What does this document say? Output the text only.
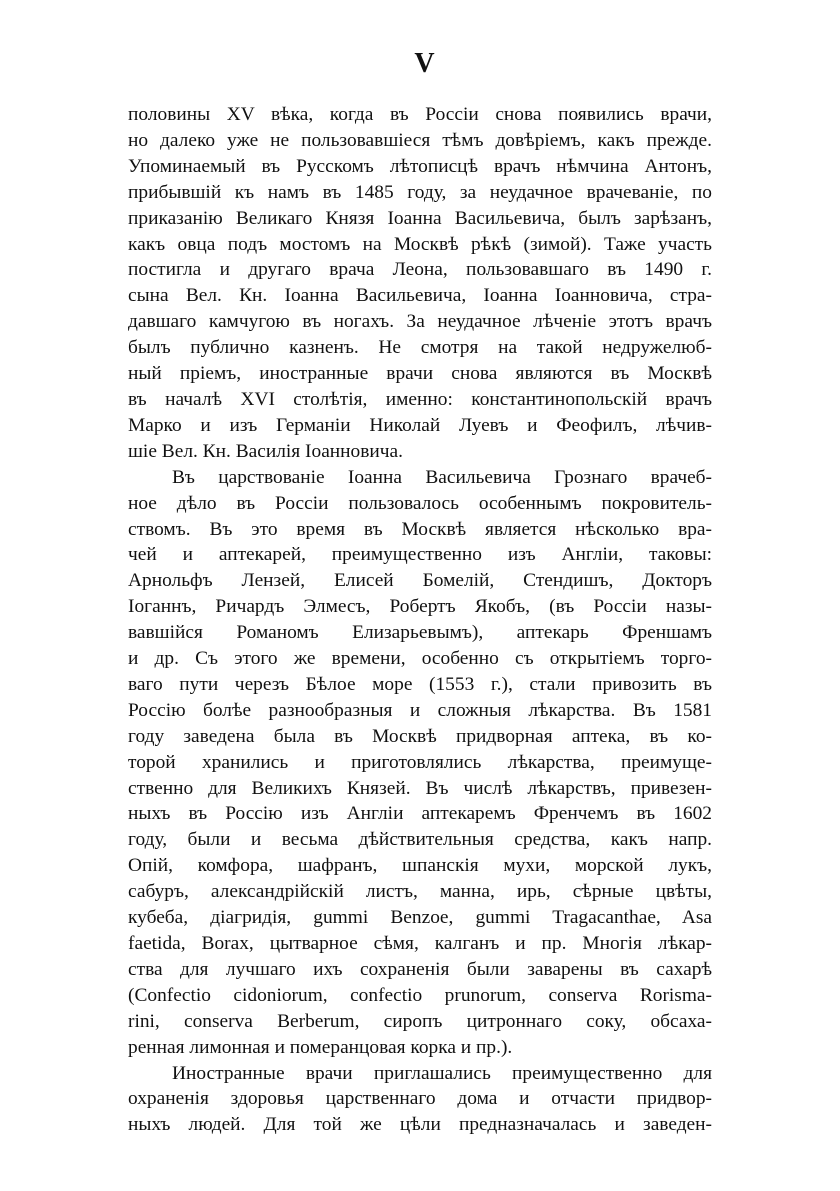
V
половины XV вѣка, когда въ Россіи снова появились врачи,
но далеко уже не пользовавшіеся тѣмъ довѣріемъ, какъ прежде.
Упоминаемый въ Русскомъ лѣтописцѣ врачъ нѣмчина Антонъ,
прибывшій къ намъ въ 1485 году, за неудачное врачеваніе, по
приказанію Великаго Князя Іоанна Васильевича, былъ зарѣзанъ,
какъ овца подъ мостомъ на Москвѣ рѣкѣ (зимой). Таже участь
постигла и другаго врача Леона, пользовавшаго въ 1490 г.
сына Вел. Кн. Іоанна Васильевича, Іоанна Іоанновича, стра-
давшаго камчугою въ ногахъ. За неудачное лѣченіе этотъ врачъ
былъ публично казненъ. Не смотря на такой недружелюб-
ный пріемъ, иностранные врачи снова являются въ Москвѣ
въ началѣ XVI столѣтія, именно: константинопольскій врачъ
Марко и изъ Германіи Николай Луевъ и Феофилъ, лѣчив-
шіе Вел. Кн. Василія Іоанновича.
Въ царствованіе Іоанна Васильевича Грознаго врачеб-
ное дѣло въ Россіи пользовалось особеннымъ покровитель-
ствомъ. Въ это время въ Москвѣ является нѣсколько вра-
чей и аптекарей, преимущественно изъ Англіи, таковы:
Арнольфъ Лензей, Елисей Бомелій, Стендишъ, Докторъ
Іоганнъ, Ричардъ Элмесъ, Робертъ Якобъ, (въ Россіи назы-
вавшійся Романомъ Елизарьевымъ), аптекарь Френшамъ
и др. Съ этого же времени, особенно съ открытіемъ торго-
ваго пути черезъ Бѣлое море (1553 г.), стали привозить въ
Россію болѣе разнообразныя и сложныя лѣкарства. Въ 1581
году заведена была въ Москвѣ придворная аптека, въ ко-
торой хранились и приготовлялись лѣкарства, преимуще-
ственно для Великихъ Князей. Въ числѣ лѣкарствъ, привезен-
ныхъ въ Россію изъ Англіи аптекаремъ Френчемъ въ 1602
году, были и весьма дѣйствительныя средства, какъ напр.
Опій, комфора, шафранъ, шпанскія мухи, морской лукъ,
сабуръ, александрійскій листъ, манна, ирь, сѣрные цвѣты,
кубеба, діагридія, gummi Benzoe, gummi Tragacanthae, Asa
faetida, Borax, цытварное сѣмя, калганъ и пр. Многія лѣкар-
ства для лучшаго ихъ сохраненія были заварены въ сахарѣ
(Confectio cidoniorum, confectio prunorum, conserva Rorisma-
rini, conserva Berberum, сиропъ цитроннаго соку, обсаха-
ренная лимонная и померанцовая корка и пр.).
Иностранные врачи приглашались преимущественно для
охраненія здоровья царственнаго дома и отчасти придвор-
ныхъ людей. Для той же цѣли предназначалась и заведен-
